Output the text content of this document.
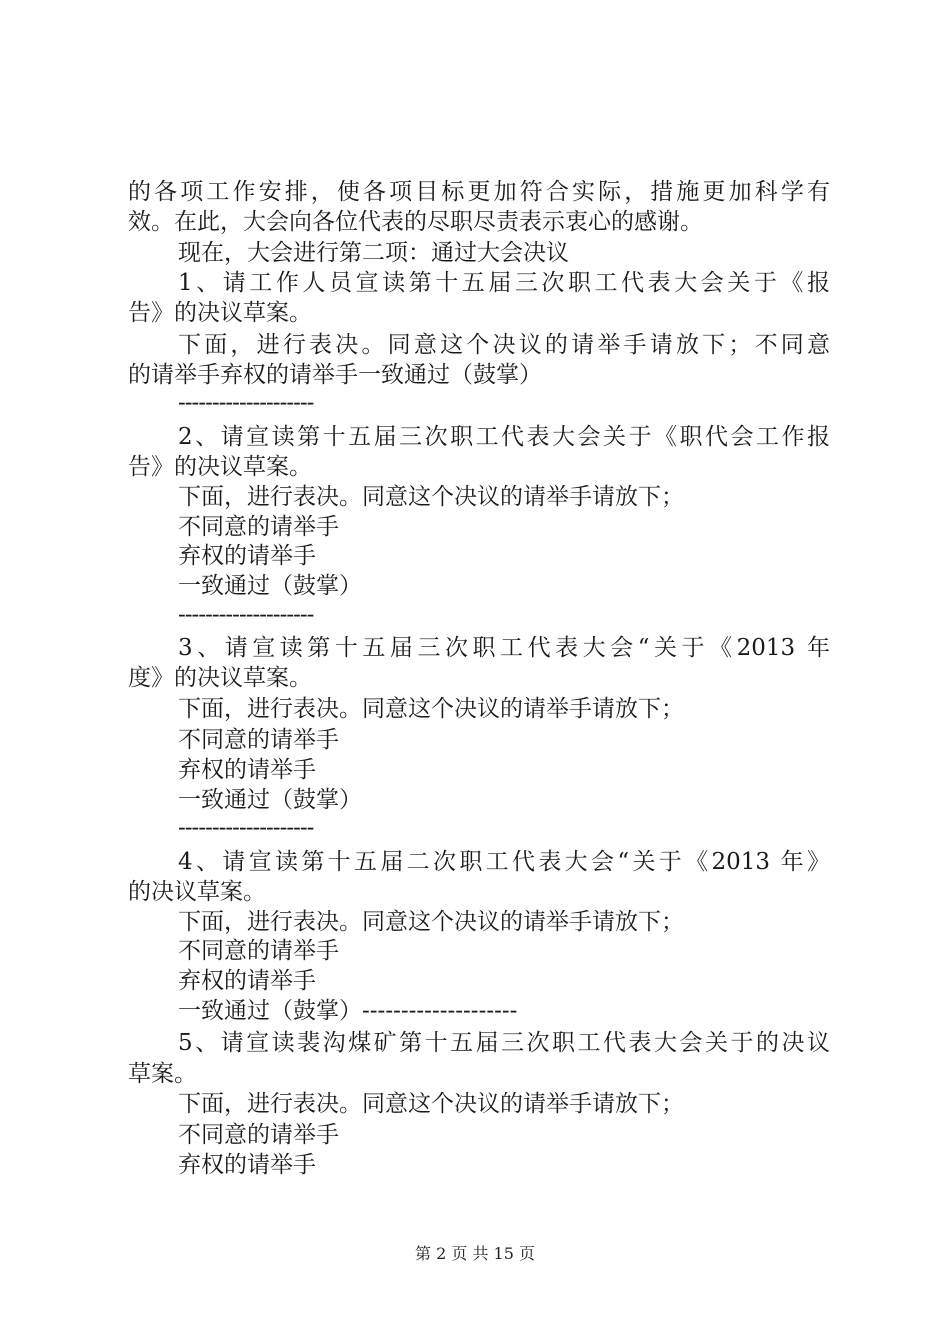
的各项工作安排，使各项目标更加符合实际，措施更加科学有
效。在此，大会向各位代表的尽职尽责表示衷心的感谢。
现在，大会进行第二项：通过大会决议
1、请工作人员宣读第十五届三次职工代表大会关于《报
告》的决议草案。
下面，进行表决。同意这个决议的请举手请放下；不同意
的请举手弃权的请举手一致通过（鼓掌）
--------------------
2、请宣读第十五届三次职工代表大会关于《职代会工作报
告》的决议草案。
下面，进行表决。同意这个决议的请举手请放下；
不同意的请举手
弃权的请举手
一致通过（鼓掌）
--------------------
3、请宣读第十五届三次职工代表大会“关于《2013 年
度》的决议草案。
下面，进行表决。同意这个决议的请举手请放下；
不同意的请举手
弃权的请举手
一致通过（鼓掌）
--------------------
4、请宣读第十五届二次职工代表大会“关于《2013 年》
的决议草案。
下面，进行表决。同意这个决议的请举手请放下；
不同意的请举手
弃权的请举手
一致通过（鼓掌）--------------------
5、请宣读裴沟煤矿第十五届三次职工代表大会关于的决议
草案。
下面，进行表决。同意这个决议的请举手请放下；
不同意的请举手
弃权的请举手
第 2 页 共 15 页
